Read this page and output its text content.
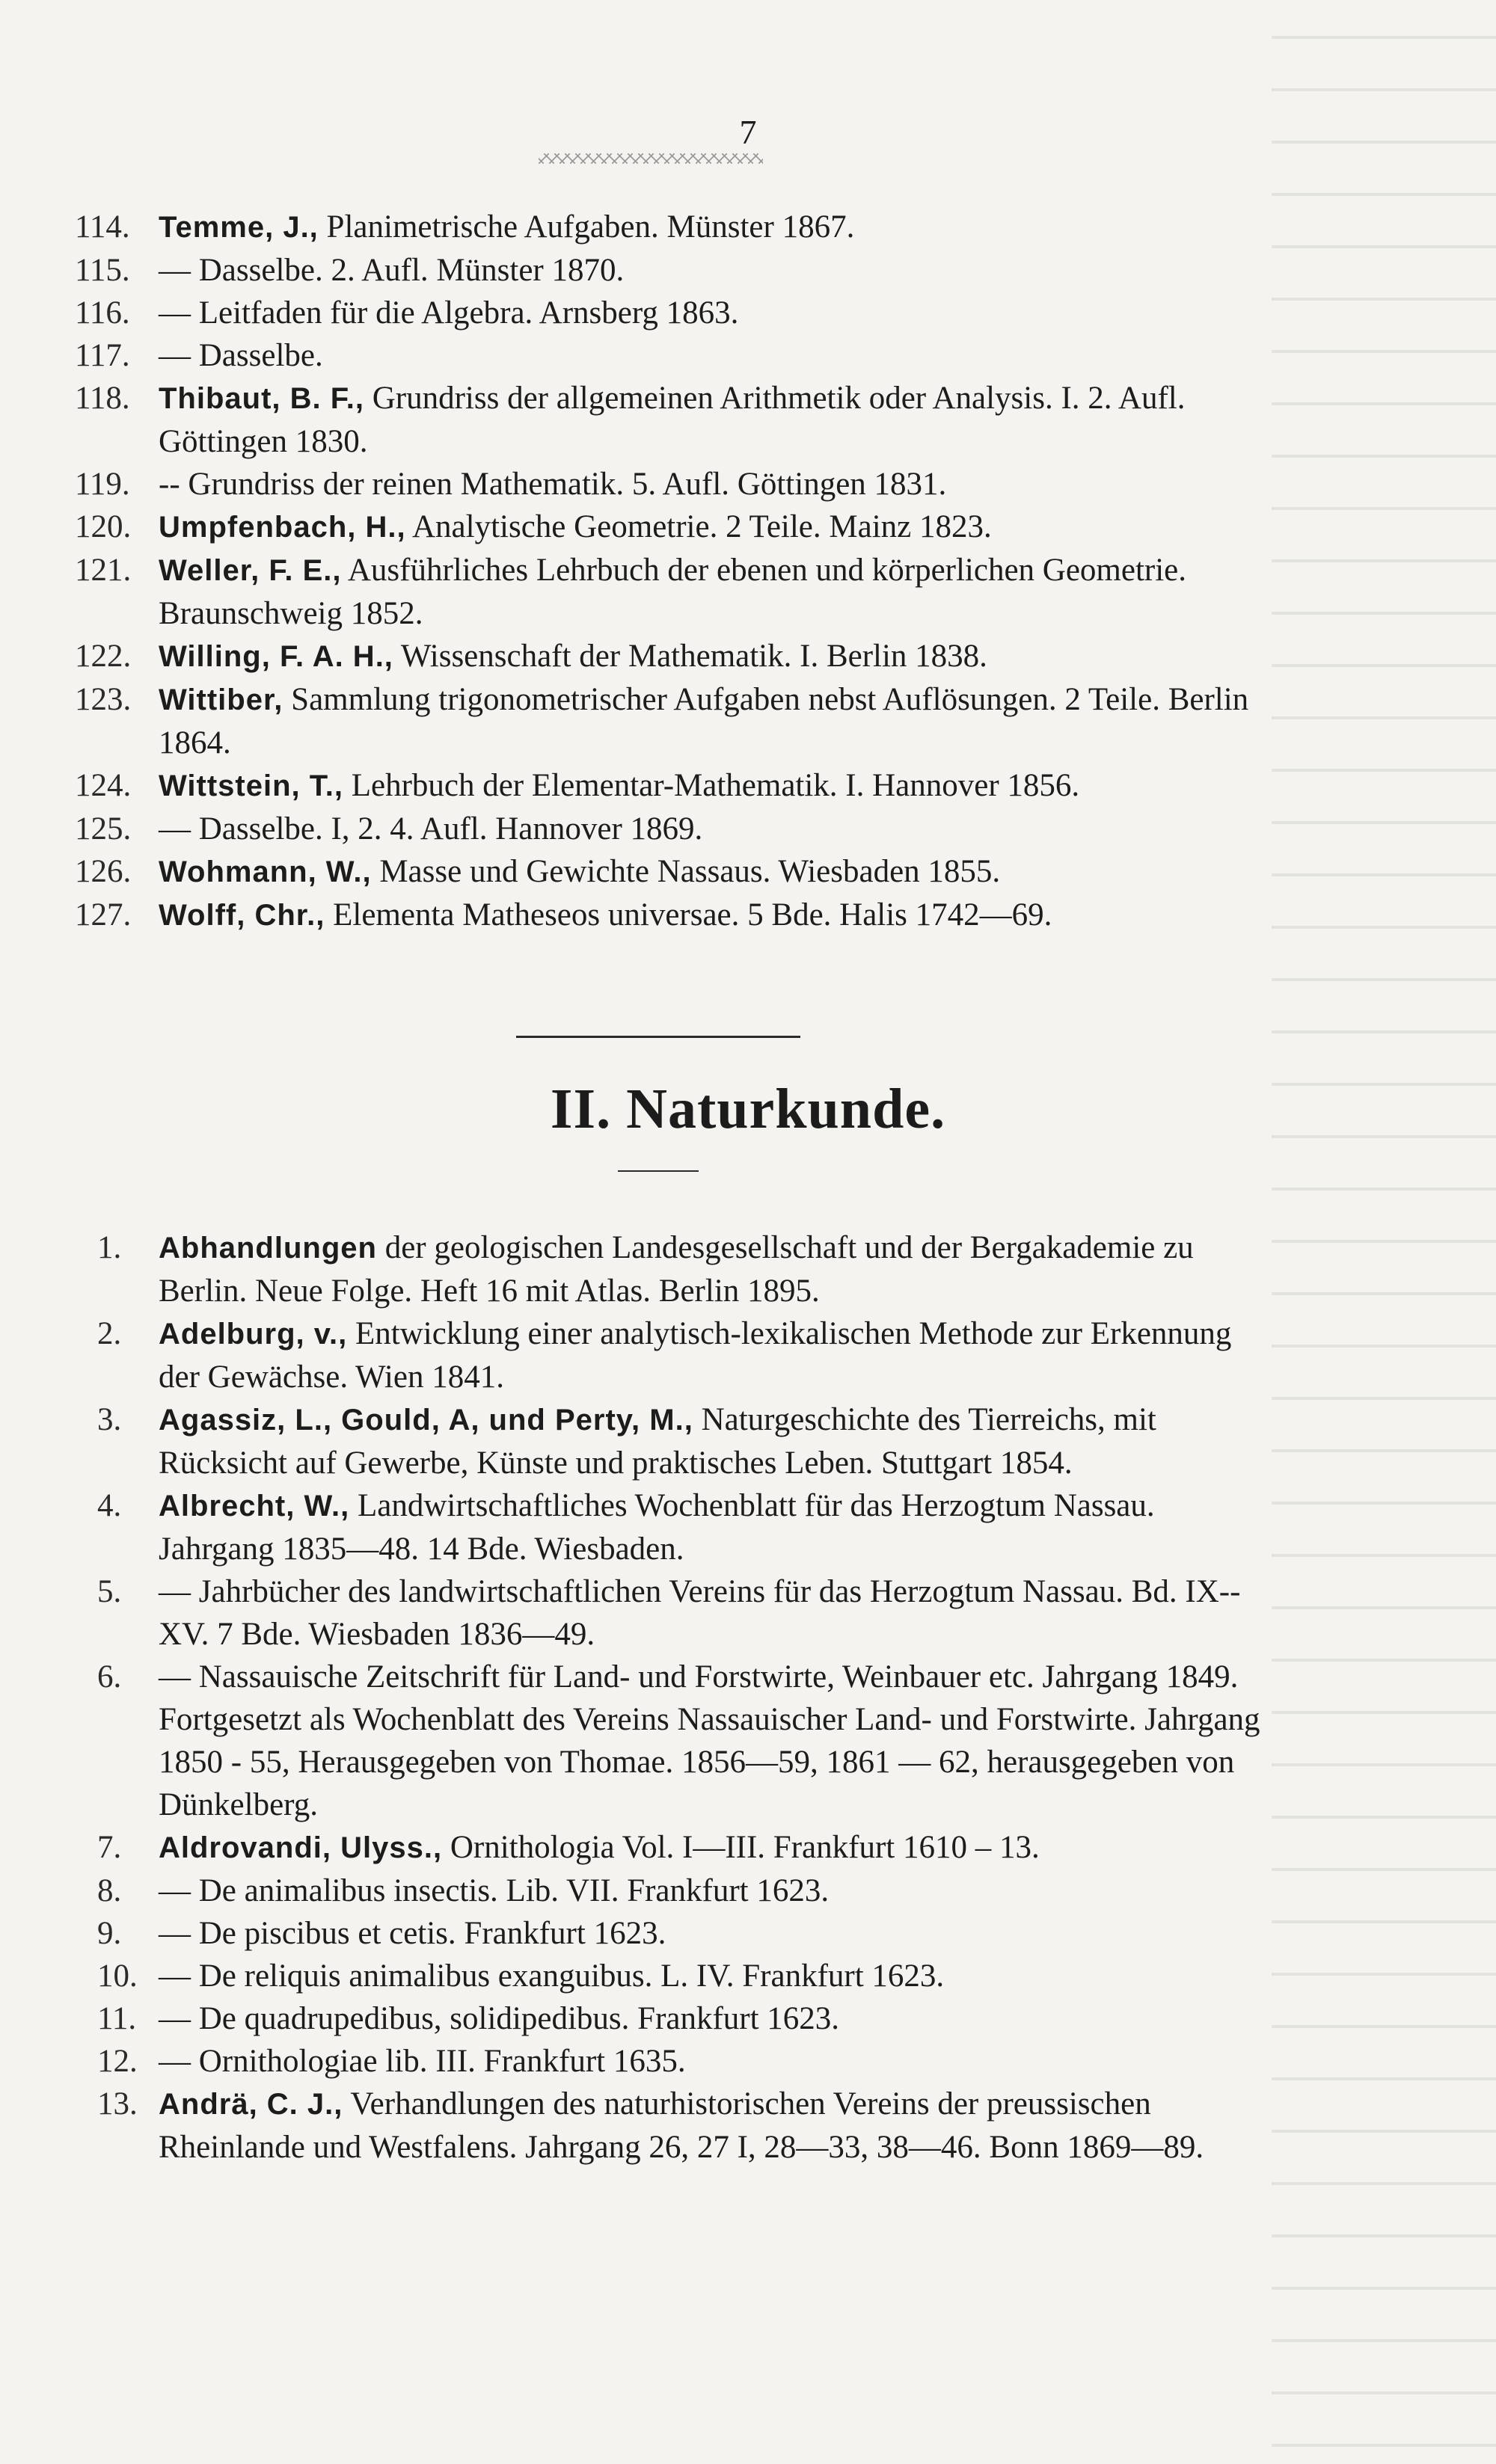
7
114. Temme, J., Planimetrische Aufgaben. Münster 1867.
115. — Dasselbe. 2. Aufl. Münster 1870.
116. — Leitfaden für die Algebra. Arnsberg 1863.
117. — Dasselbe.
118. Thibaut, B. F., Grundriss der allgemeinen Arithmetik oder Analysis. I. 2. Aufl. Göttingen 1830.
119. -- Grundriss der reinen Mathematik. 5. Aufl. Göttingen 1831.
120. Umpfenbach, H., Analytische Geometrie. 2 Teile. Mainz 1823.
121. Weller, F. E., Ausführliches Lehrbuch der ebenen und körperlichen Geometrie. Braunschweig 1852.
122. Willing, F. A. H., Wissenschaft der Mathematik. I. Berlin 1838.
123. Wittiber, Sammlung trigonometrischer Aufgaben nebst Auflösungen. 2 Teile. Berlin 1864.
124. Wittstein, T., Lehrbuch der Elementar-Mathematik. I. Hannover 1856.
125. — Dasselbe. I, 2. 4. Aufl. Hannover 1869.
126. Wohmann, W., Masse und Gewichte Nassaus. Wiesbaden 1855.
127. Wolff, Chr., Elementa Matheseos universae. 5 Bde. Halis 1742—69.
II. Naturkunde.
1.	Abhandlungen der geologischen Landesgesellschaft und der Bergakademie zu Berlin. Neue Folge. Heft 16 mit Atlas. Berlin 1895.
2.	Adelburg, v., Entwicklung einer analytisch-lexikalischen Methode zur Erkennung der Gewächse. Wien 1841.
3.	Agassiz, L., Gould, A, und Perty, M., Naturgeschichte des Tierreichs, mit Rücksicht auf Gewerbe, Künste und praktisches Leben. Stuttgart 1854.
4.	Albrecht, W., Landwirtschaftliches Wochenblatt für das Herzogtum Nassau. Jahrgang 1835—48. 14 Bde. Wiesbaden.
5.	— Jahrbücher des landwirtschaftlichen Vereins für das Herzogtum Nassau. Bd. IX--XV. 7 Bde. Wiesbaden 1836—49.
6.	— Nassauische Zeitschrift für Land- und Forstwirte, Weinbauer etc. Jahrgang 1849. Fortgesetzt als Wochenblatt des Vereins Nassauischer Land- und Forstwirte. Jahrgang 1850 - 55, Herausgegeben von Thomae. 1856—59, 1861 — 62, herausgegeben von Dünkelberg.
7.	Aldrovandi, Ulyss., Ornithologia Vol. I—III. Frankfurt 1610 – 13.
8.	— De animalibus insectis. Lib. VII. Frankfurt 1623.
9.	— De piscibus et cetis. Frankfurt 1623.
10. — De reliquis animalibus exanguibus. L. IV. Frankfurt 1623.
11. — De quadrupedibus, solidipedibus. Frankfurt 1623.
12. — Ornithologiae lib. III. Frankfurt 1635.
13. Andrä, C. J., Verhandlungen des naturhistorischen Vereins der preussischen Rheinlande und Westfalens. Jahrgang 26, 27 I, 28—33, 38—46. Bonn 1869—89.
